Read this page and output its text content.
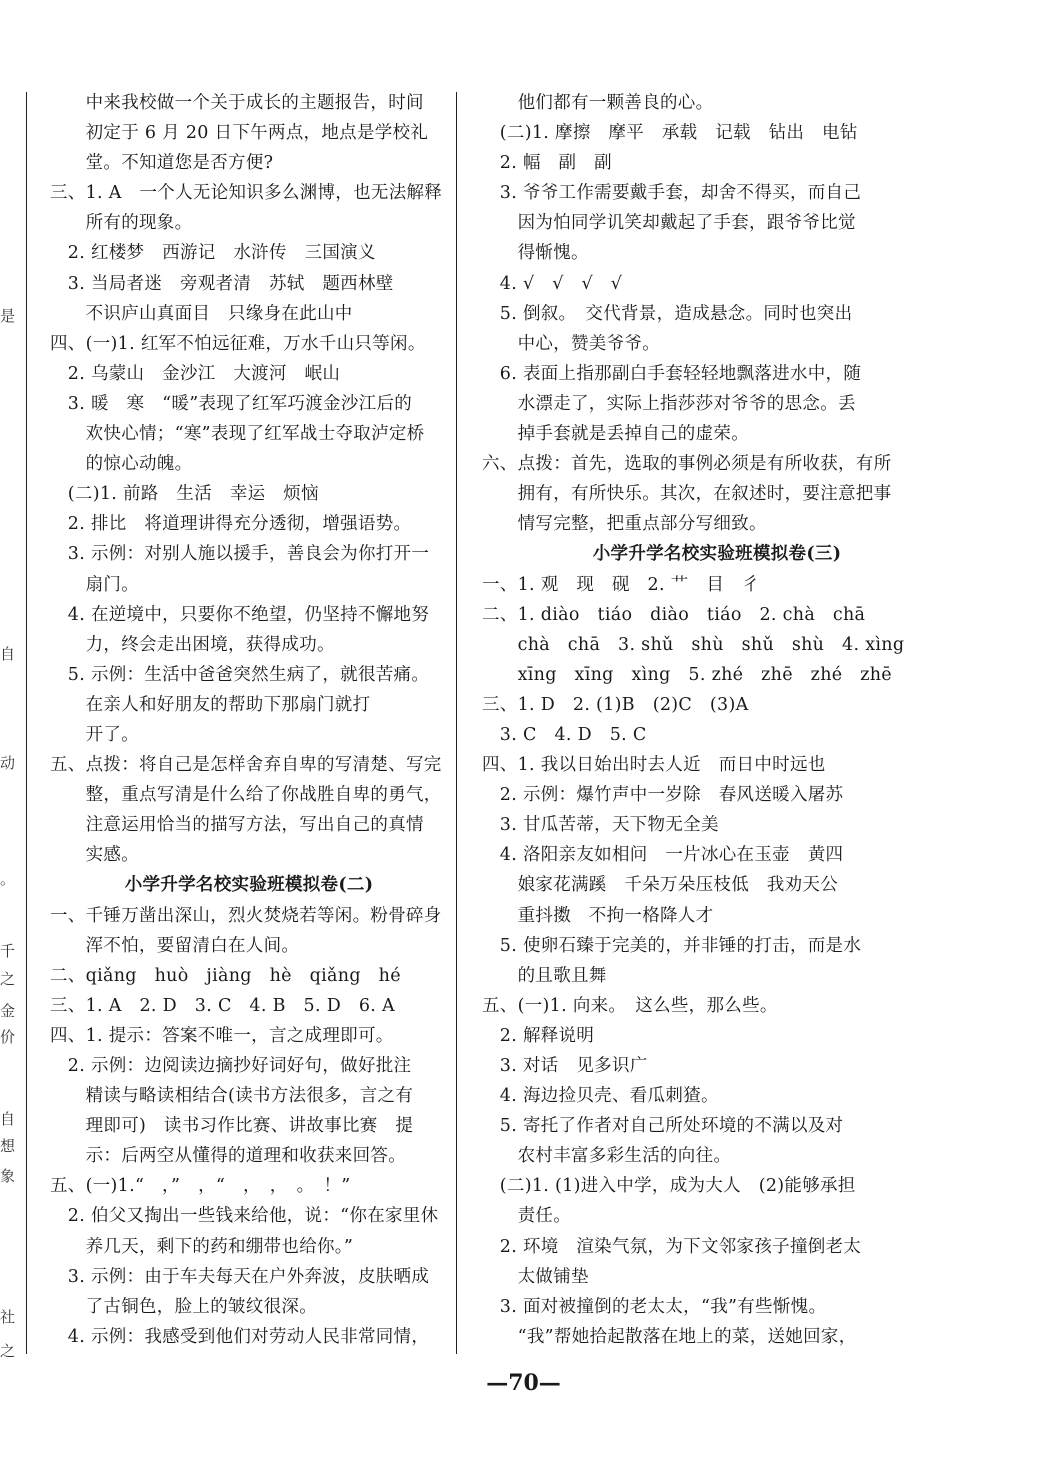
是
自
动
。
千
之
金
价
自
想
象
社
之
　　中来我校做一个关于成长的主题报告，时间
　　初定于 6 月 20 日下午两点，地点是学校礼
　　堂。不知道您是否方便?
三、1. A　一个人无论知识多么渊博，也无法解释
　　所有的现象。
　2. 红楼梦　西游记　水浒传　三国演义
　3. 当局者迷　旁观者清　苏轼　题西林壁
　　不识庐山真面目　只缘身在此山中
四、(一)1. 红军不怕远征难，万水千山只等闲。
　2. 乌蒙山　金沙江　大渡河　岷山
　3. 暖　寒　“暖”表现了红军巧渡金沙江后的
　　欢快心情；“寒”表现了红军战士夺取泸定桥
　　的惊心动魄。
　(二)1. 前路　生活　幸运　烦恼
　2. 排比　将道理讲得充分透彻，增强语势。
　3. 示例：对别人施以援手，善良会为你打开一
　　扇门。
　4. 在逆境中，只要你不绝望，仍坚持不懈地努
　　力，终会走出困境，获得成功。
　5. 示例：生活中爸爸突然生病了，就很苦痛。
　　在亲人和好朋友的帮助下那扇门就打
　　开了。
五、点拨：将自己是怎样舍弃自卑的写清楚、写完
　　整，重点写清是什么给了你战胜自卑的勇气，
　　注意运用恰当的描写方法，写出自己的真情
　　实感。
小学升学名校实验班模拟卷(二)
一、千锤万凿出深山，烈火焚烧若等闲。粉骨碎身
　　浑不怕，要留清白在人间。
二、qiǎng　huò　jiàng　hè　qiǎng　hé
三、1. A　2. D　3. C　4. B　5. D　6. A
四、1. 提示：答案不唯一，言之成理即可。
　2. 示例：边阅读边摘抄好词好句，做好批注
　　精读与略读相结合(读书方法很多，言之有
　　理即可)　读书习作比赛、讲故事比赛　提
　　示：后两空从懂得的道理和收获来回答。
五、(一)1.“　，”　，“　，　，　。　！”
　2. 伯父又掏出一些钱来给他，说：“你在家里休
　　养几天，剩下的药和绷带也给你。”
　3. 示例：由于车夫每天在户外奔波，皮肤晒成
　　了古铜色，脸上的皱纹很深。
　4. 示例：我感受到他们对劳动人民非常同情，
　　他们都有一颗善良的心。
　(二)1. 摩擦　摩平　承载　记载　钻出　电钻
　2. 幅　副　副
　3. 爷爷工作需要戴手套，却舍不得买，而自己
　　因为怕同学讥笑却戴起了手套，跟爷爷比觉
　　得惭愧。
　4. √　√　√　√
　5. 倒叙。　交代背景，造成悬念。同时也突出
　　中心，赞美爷爷。
　6. 表面上指那副白手套轻轻地飘落进水中，随
　　水漂走了，实际上指莎莎对爷爷的思念。丢
　　掉手套就是丢掉自己的虚荣。
六、点拨：首先，选取的事例必须是有所收获，有所
　　拥有，有所快乐。其次，在叙述时，要注意把事
　　情写完整，把重点部分写细致。
小学升学名校实验班模拟卷(三)
一、1. 观　现　砚　2. 艹　目　彳
二、1. diào　tiáo　diào　tiáo　2. chà　chā
　　chà　chā　3. shǔ　shù　shǔ　shù　4. xìng
　　xīng　xīng　xìng　5. zhé　zhē　zhé　zhē
三、1. D　2. (1)B　(2)C　(3)A
　3. C　4. D　5. C
四、1. 我以日始出时去人近　而日中时远也
　2. 示例：爆竹声中一岁除　春风送暖入屠苏
　3. 甘瓜苦蒂，天下物无全美
　4. 洛阳亲友如相问　一片冰心在玉壶　黄四
　　娘家花满蹊　千朵万朵压枝低　我劝天公
　　重抖擞　不拘一格降人才
　5. 使卵石臻于完美的，并非锤的打击，而是水
　　的且歌且舞
五、(一)1. 向来。　这么些，那么些。
　2. 解释说明
　3. 对话　见多识广
　4. 海边捡贝壳、看瓜刺猹。
　5. 寄托了作者对自己所处环境的不满以及对
　　农村丰富多彩生活的向往。
　(二)1. (1)进入中学，成为大人　(2)能够承担
　　责任。
　2. 环境　渲染气氛，为下文邻家孩子撞倒老太
　　太做铺垫
　3. 面对被撞倒的老太太，“我”有些惭愧。
　　“我”帮她拾起散落在地上的菜，送她回家，
—70—
